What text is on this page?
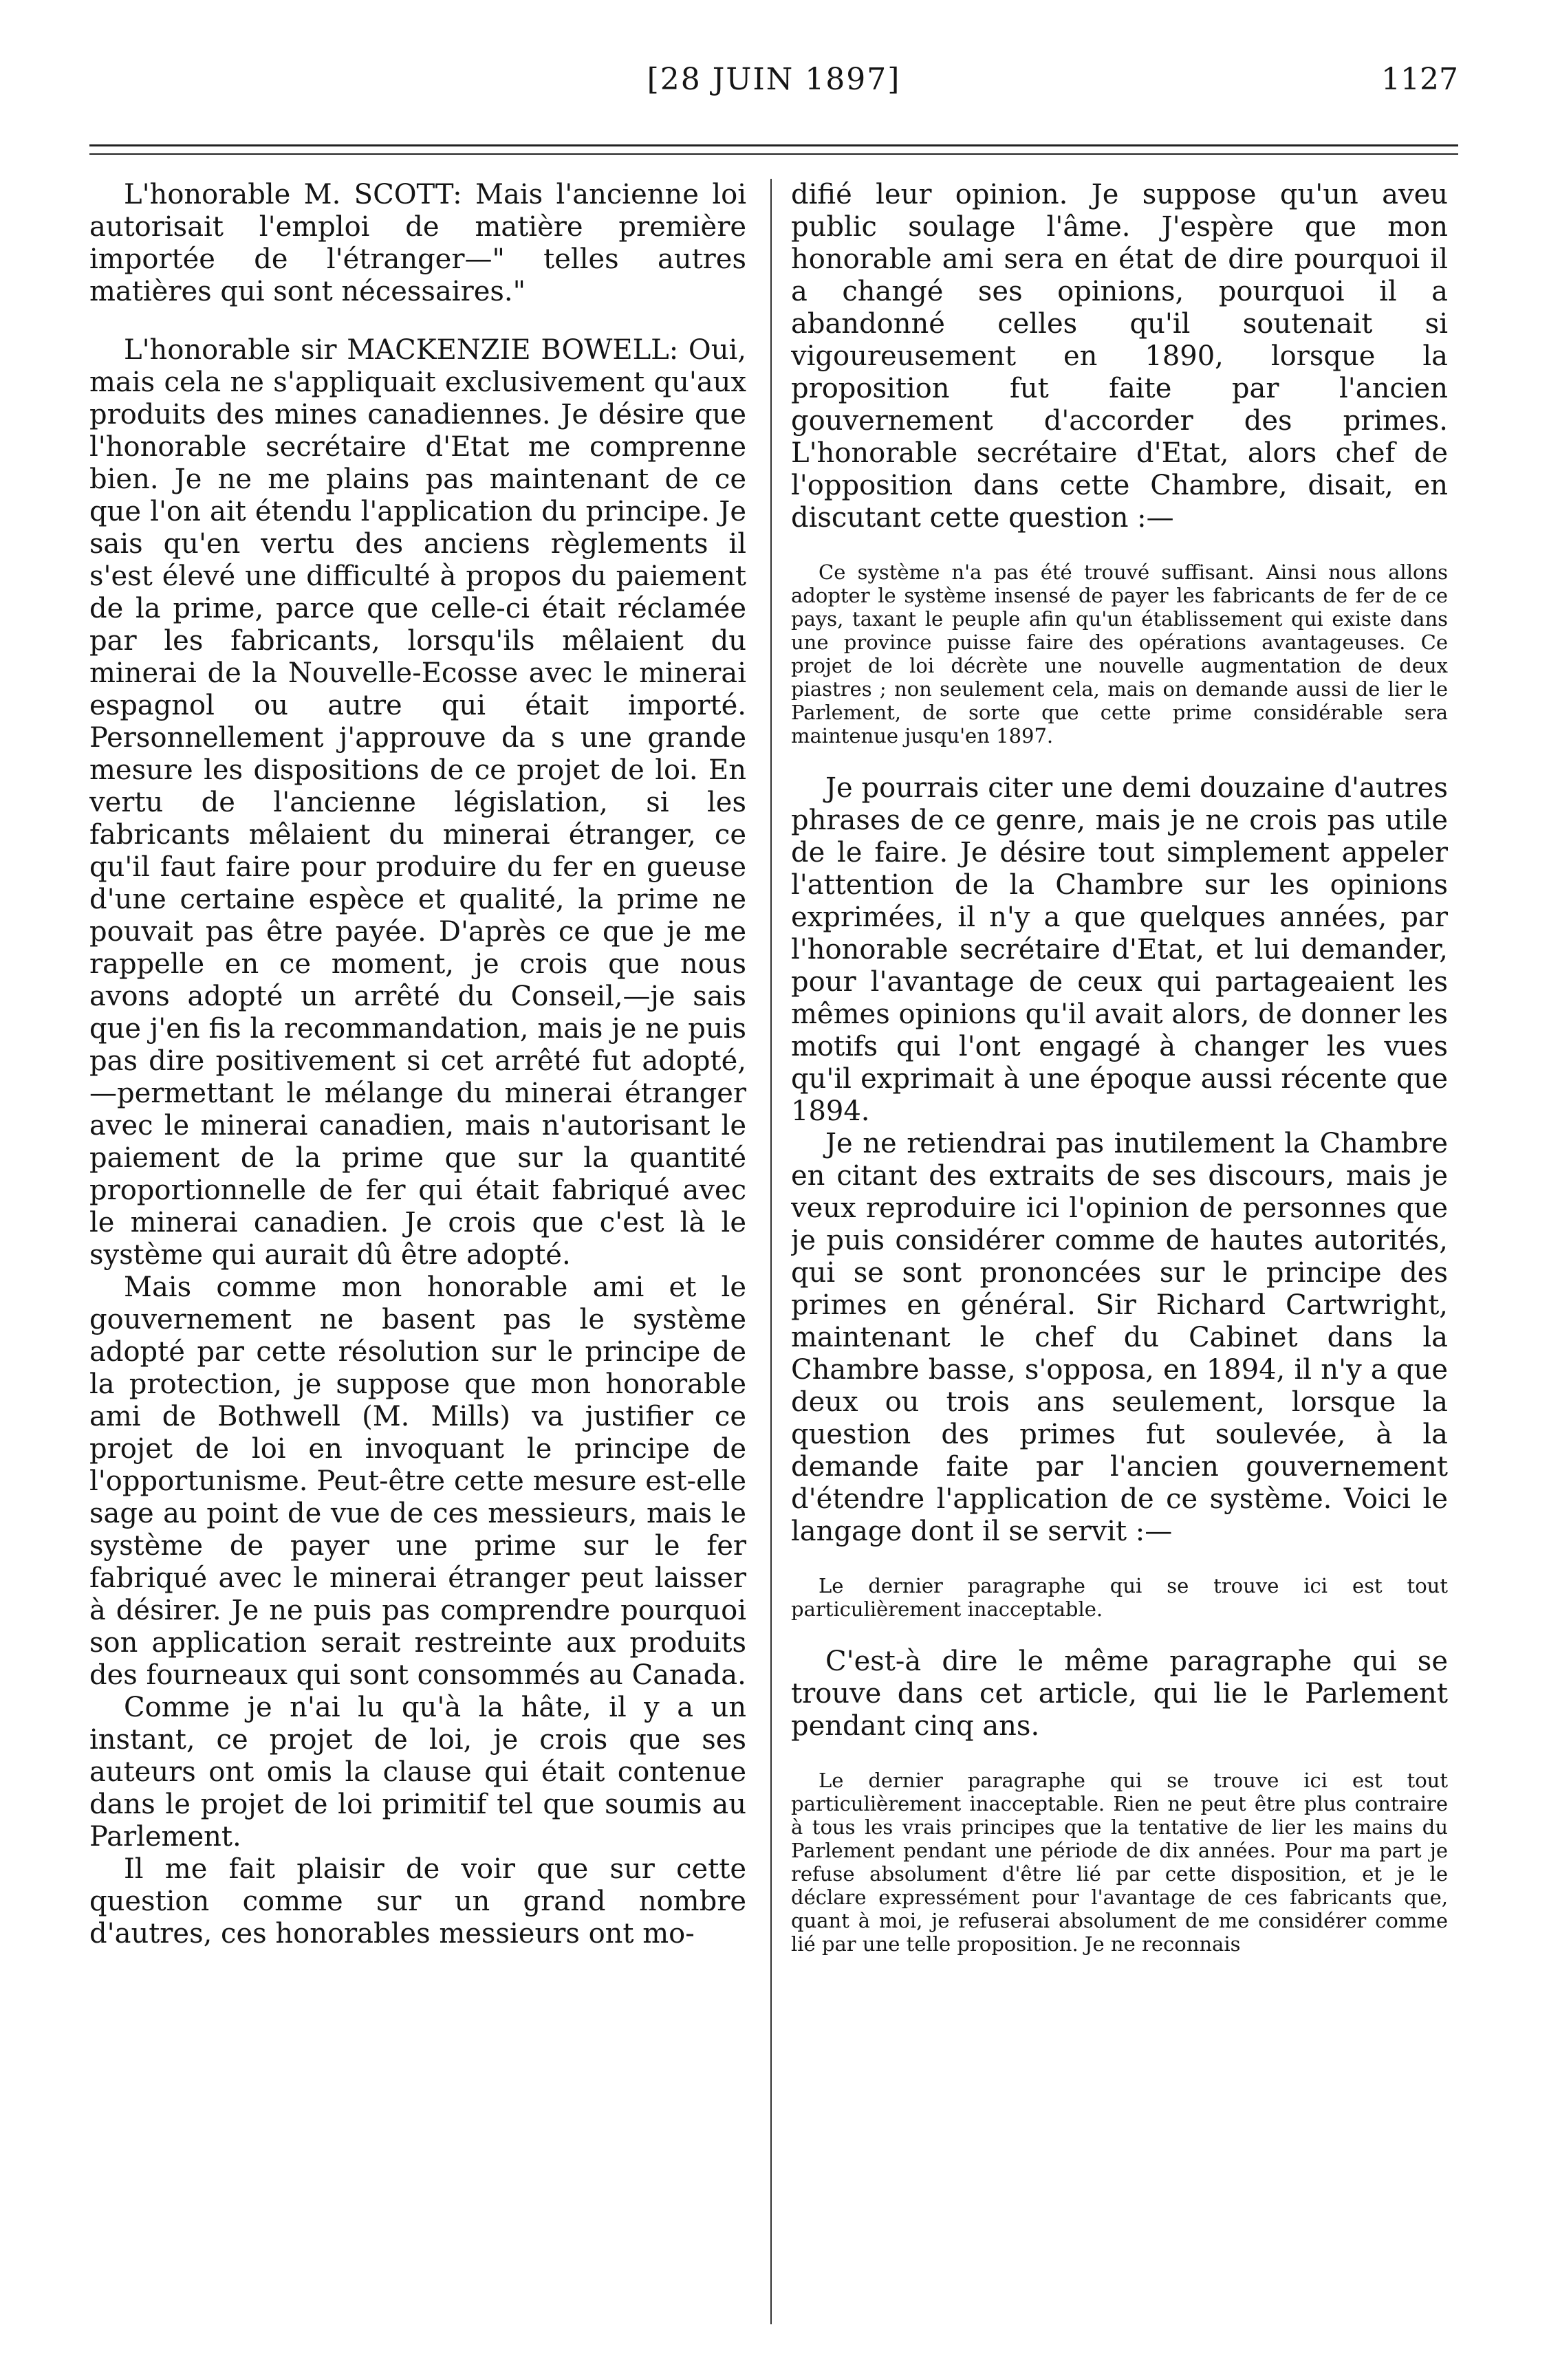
[28 JUIN 1897]	1127

L'honorable M. SCOTT: Mais l'ancienne loi autorisait l'emploi de matière première importée de l'étranger—" telles autres matières qui sont nécessaires."

L'honorable sir MACKENZIE BOWELL: Oui, mais cela ne s'appliquait exclusivement qu'aux produits des mines canadiennes. Je désire que l'honorable secrétaire d'Etat me comprenne bien. Je ne me plains pas maintenant de ce que l'on ait étendu l'application du principe. Je sais qu'en vertu des anciens règlements il s'est élevé une difficulté à propos du paiement de la prime, parce que celle-ci était réclamée par les fabricants, lorsqu'ils mêlaient du minerai de la Nouvelle-Ecosse avec le minerai espagnol ou autre qui était importé. Personnellement j'approuve da s une grande mesure les dispositions de ce projet de loi. En vertu de l'ancienne législation, si les fabricants mêlaient du minerai étranger, ce qu'il faut faire pour produire du fer en gueuse d'une certaine espèce et qualité, la prime ne pouvait pas être payée. D'après ce que je me rappelle en ce moment, je crois que nous avons adopté un arrêté du Conseil,—je sais que j'en fis la recommandation, mais je ne puis pas dire positivement si cet arrêté fut adopté,—permettant le mélange du minerai étranger avec le minerai canadien, mais n'autorisant le paiement de la prime que sur la quantité proportionnelle de fer qui était fabriqué avec le minerai canadien. Je crois que c'est là le système qui aurait dû être adopté.

Mais comme mon honorable ami et le gouvernement ne basent pas le système adopté par cette résolution sur le principe de la protection, je suppose que mon honorable ami de Bothwell (M. Mills) va justifier ce projet de loi en invoquant le principe de l'opportunisme. Peut-être cette mesure est-elle sage au point de vue de ces messieurs, mais le système de payer une prime sur le fer fabriqué avec le minerai étranger peut laisser à désirer. Je ne puis pas comprendre pourquoi son application serait restreinte aux produits des fourneaux qui sont consommés au Canada.

Comme je n'ai lu qu'à la hâte, il y a un instant, ce projet de loi, je crois que ses auteurs ont omis la clause qui était contenue dans le projet de loi primitif tel que soumis au Parlement.

Il me fait plaisir de voir que sur cette question comme sur un grand nombre d'autres, ces honorables messieurs ont mo-

difié leur opinion. Je suppose qu'un aveu public soulage l'âme. J'espère que mon honorable ami sera en état de dire pourquoi il a changé ses opinions, pourquoi il a abandonné celles qu'il soutenait si vigoureusement en 1890, lorsque la proposition fut faite par l'ancien gouvernement d'accorder des primes. L'honorable secrétaire d'Etat, alors chef de l'opposition dans cette Chambre, disait, en discutant cette question :—

Ce système n'a pas été trouvé suffisant. Ainsi nous allons adopter le système insensé de payer les fabricants de fer de ce pays, taxant le peuple afin qu'un établissement qui existe dans une province puisse faire des opérations avantageuses. Ce projet de loi décrète une nouvelle augmentation de deux piastres ; non seulement cela, mais on demande aussi de lier le Parlement, de sorte que cette prime considérable sera maintenue jusqu'en 1897.

Je pourrais citer une demi douzaine d'autres phrases de ce genre, mais je ne crois pas utile de le faire. Je désire tout simplement appeler l'attention de la Chambre sur les opinions exprimées, il n'y a que quelques années, par l'honorable secrétaire d'Etat, et lui demander, pour l'avantage de ceux qui partageaient les mêmes opinions qu'il avait alors, de donner les motifs qui l'ont engagé à changer les vues qu'il exprimait à une époque aussi récente que 1894.

Je ne retiendrai pas inutilement la Chambre en citant des extraits de ses discours, mais je veux reproduire ici l'opinion de personnes que je puis considérer comme de hautes autorités, qui se sont prononcées sur le principe des primes en général. Sir Richard Cartwright, maintenant le chef du Cabinet dans la Chambre basse, s'opposa, en 1894, il n'y a que deux ou trois ans seulement, lorsque la question des primes fut soulevée, à la demande faite par l'ancien gouvernement d'étendre l'application de ce système. Voici le langage dont il se servit :—

Le dernier paragraphe qui se trouve ici est tout particulièrement inacceptable.

C'est-à dire le même paragraphe qui se trouve dans cet article, qui lie le Parlement pendant cinq ans.

Le dernier paragraphe qui se trouve ici est tout particulièrement inacceptable. Rien ne peut être plus contraire à tous les vrais principes que la tentative de lier les mains du Parlement pendant une période de dix années. Pour ma part je refuse absolument d'être lié par cette disposition, et je le déclare expressément pour l'avantage de ces fabricants que, quant à moi, je refuserai absolument de me considérer comme lié par une telle proposition. Je ne reconnais
